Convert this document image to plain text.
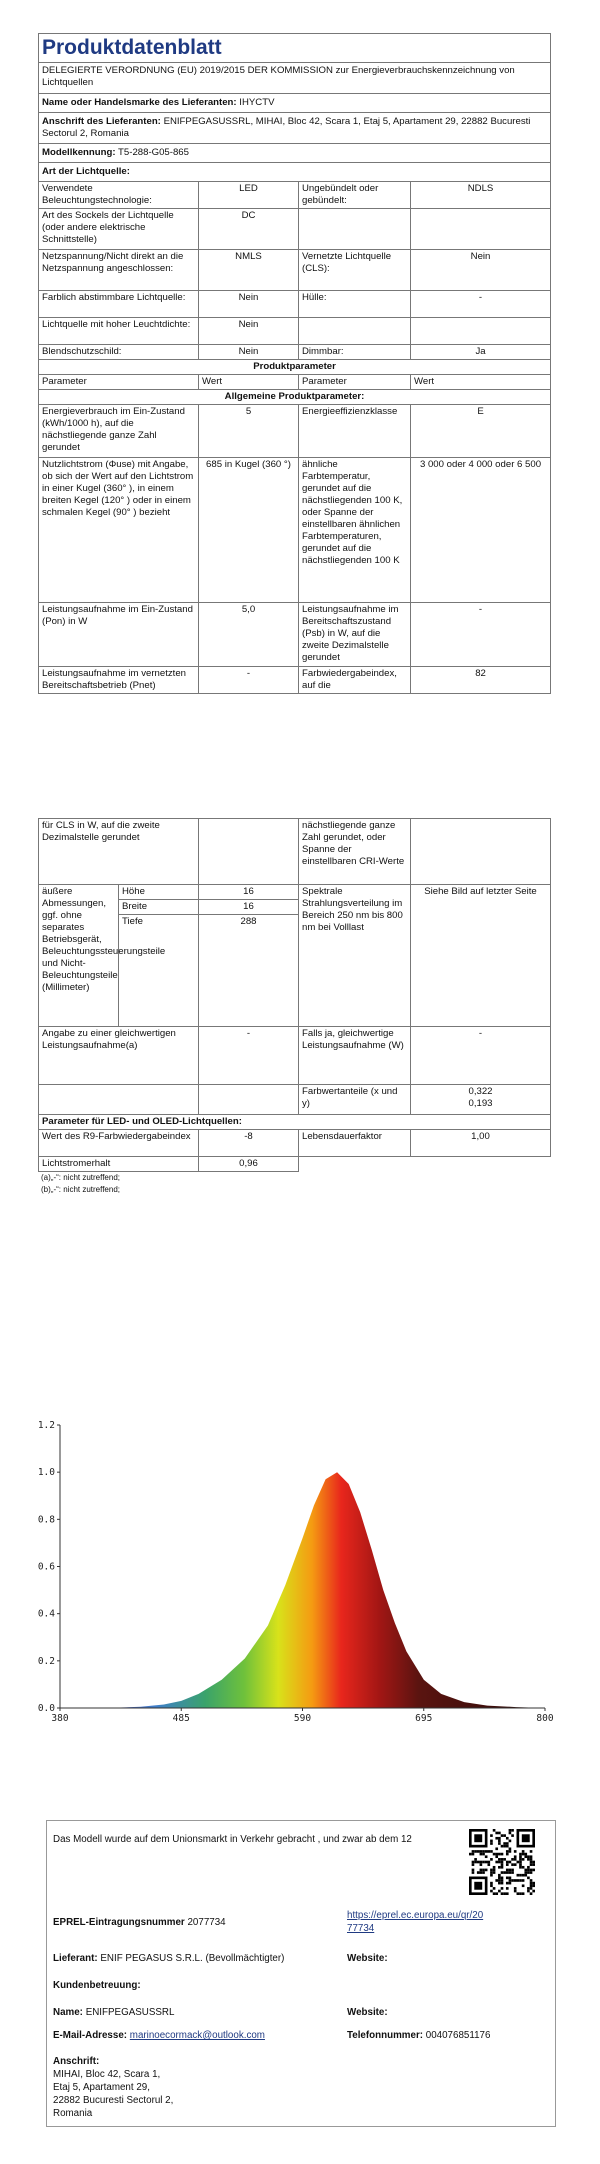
Produktdatenblatt			
DELEGIERTE VERORDNUNG (EU) 2019/2015 DER KOMMISSION zur Energieverbrauchskennzeichnung von Lichtquellen			
Name oder Handelsmarke des Lieferanten: IHYCTV			
Anschrift des Lieferanten: ENIFPEGASUSSRL, MIHAI, Bloc 42, Scara 1, Etaj 5, Apartament 29, 22882 Bucuresti Sectorul 2, Romania			
Modellkennung: T5-288-G05-865			
Art der Lichtquelle:			
Verwendete Beleuchtungstechnologie:	LED	Ungebündelt oder gebündelt:	NDLS
Art des Sockels der Lichtquelle (oder andere elektrische Schnittstelle)	DC		
Netzspannung/Nicht direkt an die Netzspannung angeschlossen:	NMLS	Vernetzte Lichtquelle (CLS):	Nein
Farblich abstimmbare Lichtquelle:	Nein	Hülle:	-
Lichtquelle mit hoher Leuchtdichte:	Nein		
Blendschutzschild:	Nein	Dimmbar:	Ja
Produktparameter			
Parameter	Wert	Parameter	Wert
Allgemeine Produktparameter:			
Energieverbrauch im Ein-Zustand (kWh/1000 h), auf die nächstliegende ganze Zahl gerundet	5	Energieeffizienzklasse	E
Nutzlichtstrom (Φuse) mit Angabe, ob sich der Wert auf den Lichtstrom in einer Kugel (360° ), in einem breiten Kegel (120° ) oder in einem schmalen Kegel (90° ) bezieht	685 in Kugel (360 °)	ähnliche Farbtemperatur, gerundet auf die nächstliegenden 100 K, oder Spanne der einstellbaren ähnlichen Farbtemperaturen, gerundet auf die nächstliegenden 100 K	3 000 oder 4 000 oder 6 500
Leistungsaufnahme im Ein-Zustand (Pon) in W	5,0	Leistungsaufnahme im Bereitschaftszustand (Psb) in W, auf die zweite Dezimalstelle gerundet	-
Leistungsaufnahme im vernetzten Bereitschaftsbetrieb (Pnet)	-	Farbwiedergabeindex, auf die	82
für CLS in W, auf die zweite Dezimalstelle gerundet			nächstliegende ganze Zahl gerundet, oder Spanne der einstellbaren CRI-Werte	
äußere Abmessungen, ggf. ohne separates Betriebsgerät, Beleuchtungssteuerungsteile und Nicht-Beleuchtungsteile (Millimeter)	Höhe	16	Spektrale Strahlungsverteilung im Bereich 250 nm bis 800 nm bei Volllast	Siehe Bild auf letzter Seite
	Breite	16		
	Tiefe	288		
Angabe zu einer gleichwertigen Leistungsaufnahme(a)		-	Falls ja, gleichwertige Leistungsaufnahme (W)	-
			Farbwertanteile (x und y)	0,322
0,193

Parameter für LED- und OLED-Lichtquellen:				
Wert des R9-Farbwiedergabeindex		-8	Lebensdauerfaktor	1,00
Lichtstromerhalt		0,96		
(a)„-“: nicht zutreffend;
(b)„-“: nicht zutreffend;
0.0
0.2
0.4
0.6
0.8
1.0
1.2
380	485	590	695	800
Das Modell wurde auf dem Unionsmarkt in Verkehr gebracht , und zwar ab dem 12
EPREL-Eintragungsnummer 2077734
https://eprel.ec.europa.eu/qr/20
77734
Lieferant: ENIF PEGASUS S.R.L. (Bevollmächtigter)	Website:
Kundenbetreuung:
Name: ENIFPEGASUSSRL	Website:
E-Mail-Adresse: marinoecormack@outlook.com	Telefonnummer: 004076851176
Anschrift:
MIHAI, Bloc 42, Scara 1,
Etaj 5, Apartament 29,
22882 Bucuresti Sectorul 2,
Romania
